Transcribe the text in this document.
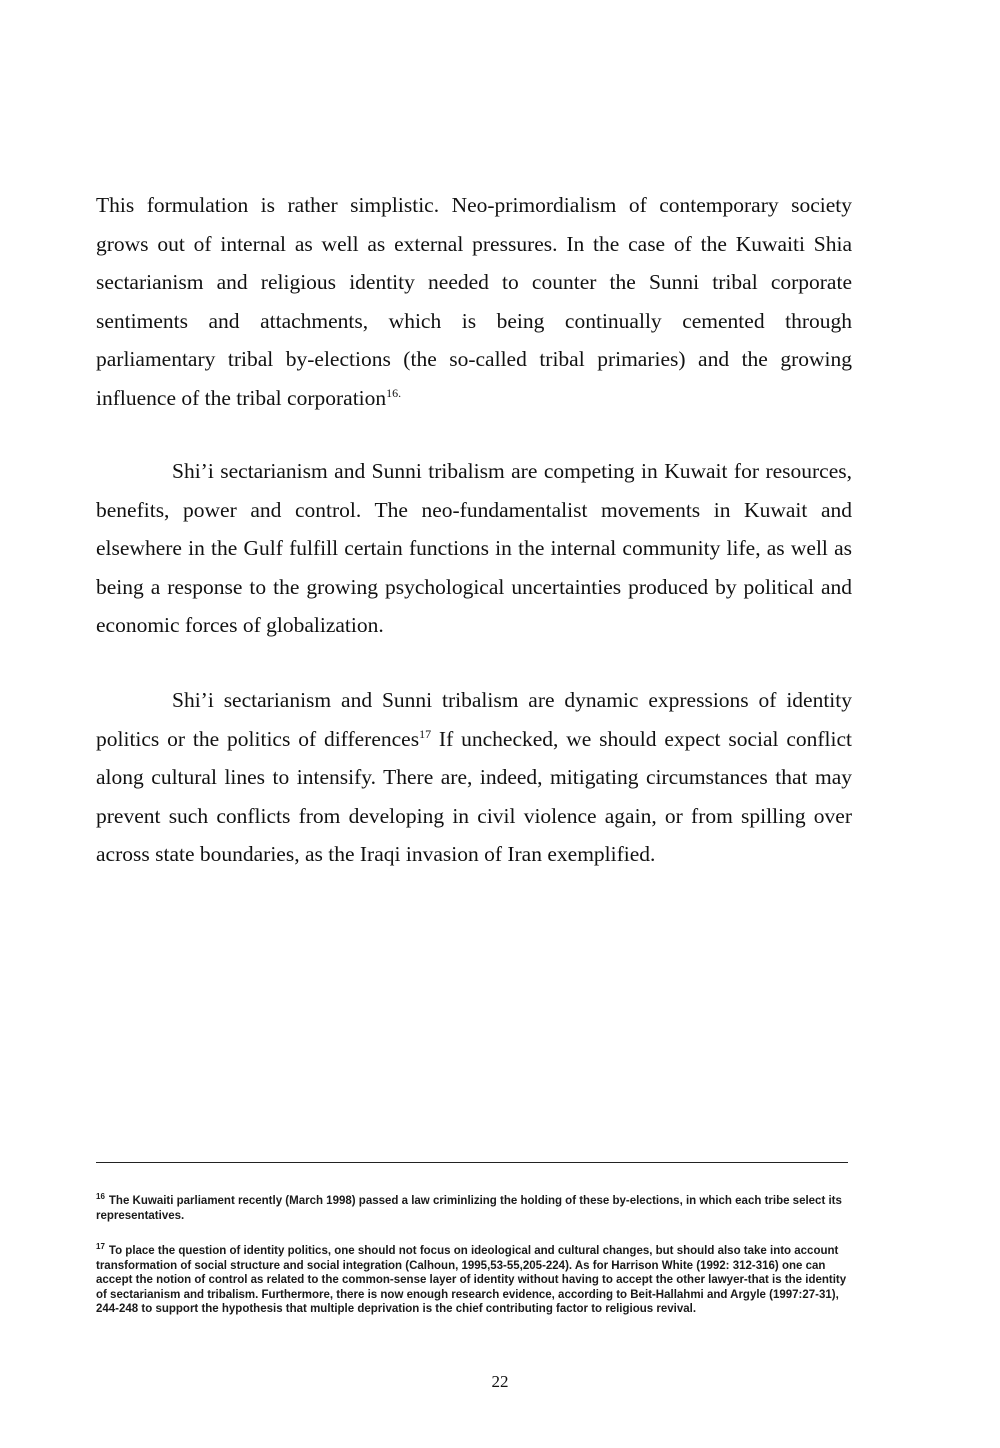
This formulation is rather simplistic. Neo-primordialism of contemporary society grows out of internal as well as external pressures. In the case of the Kuwaiti Shia sectarianism and religious identity needed to counter the Sunni tribal corporate sentiments and attachments, which is being continually cemented through parliamentary tribal by-elections (the so-called tribal primaries) and the growing influence of the tribal corporation$^{16.}$

Shi’i sectarianism and Sunni tribalism are competing in Kuwait for resources, benefits, power and control. The neo-fundamentalist movements in Kuwait and elsewhere in the Gulf fulfill certain functions in the internal community life, as well as being a response to the growing psychological uncertainties produced by political and economic forces of globalization.

Shi’i sectarianism and Sunni tribalism are dynamic expressions of identity politics or the politics of differences$^{17}$ If unchecked, we should expect social conflict along cultural lines to intensify. There are, indeed, mitigating circumstances that may prevent such conflicts from developing in civil violence again, or from spilling over across state boundaries, as the Iraqi invasion of Iran exemplified.

$^{16}$ The Kuwaiti parliament recently (March 1998) passed a law criminlizing the holding of these by-elections, in which each tribe select its representatives.

$^{17}$ To place the question of identity politics, one should not focus on ideological and cultural changes, but should also take into account transformation of social structure and social integration (Calhoun, 1995,53-55,205-224). As for Harrison White (1992: 312-316) one can accept the notion of control as related to the common-sense layer of identity without having to accept the other lawyer-that is the identity of sectarianism and tribalism. Furthermore, there is now enough research evidence, according to Beit-Hallahmi and Argyle (1997:27-31), 244-248 to support the hypothesis that multiple deprivation is the chief contributing factor to religious revival.

22
